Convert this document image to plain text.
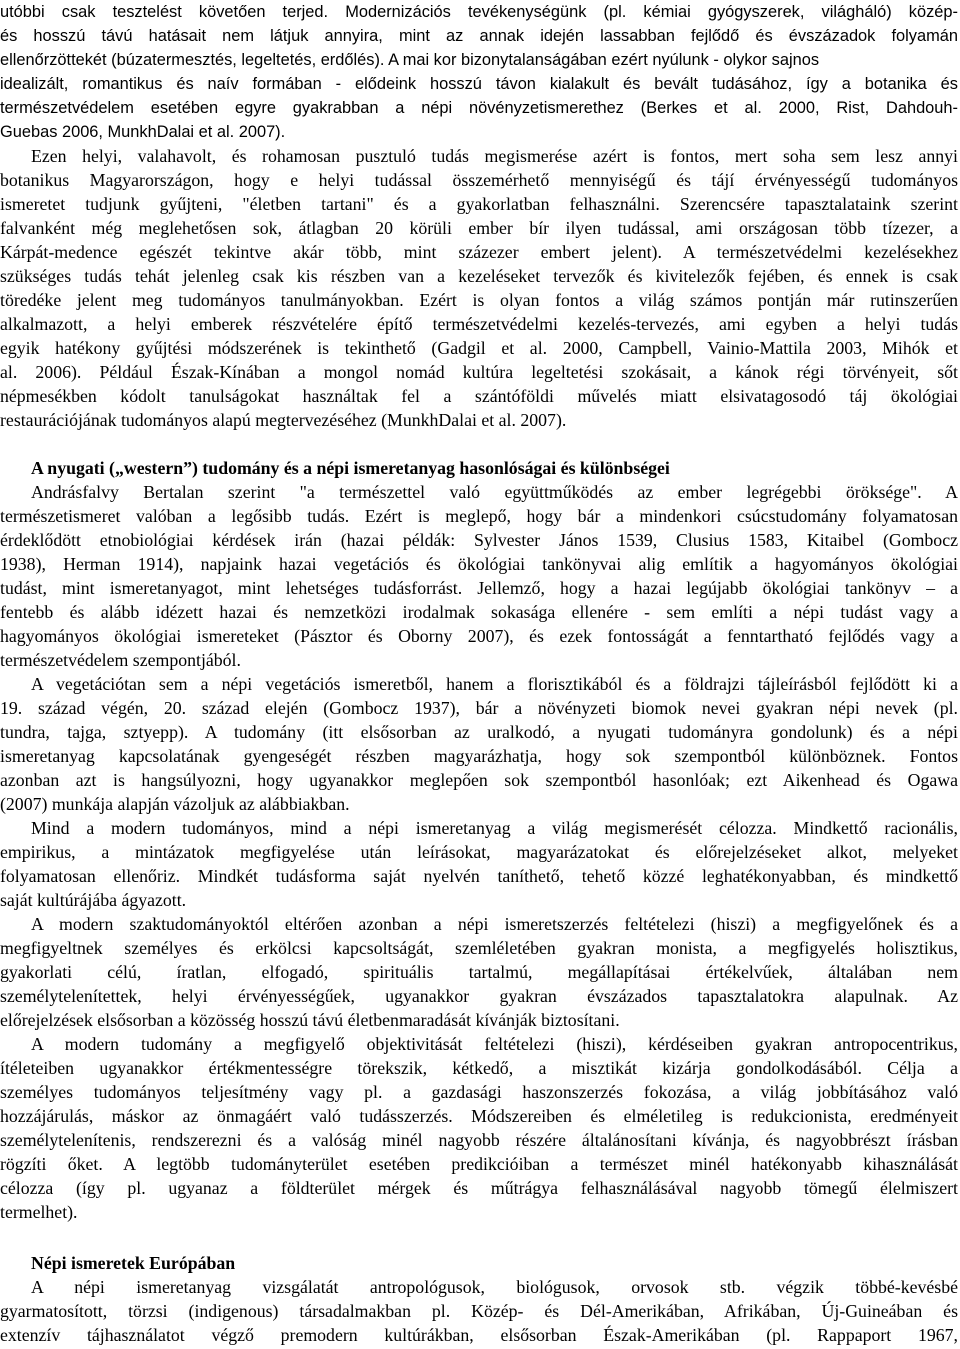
utóbbi csak tesztelést követően terjed. Modernizációs tevékenységünk (pl. kémiai gyógyszerek, világháló) közép-
és hosszú távú hatásait nem látjuk annyira, mint az annak idején lassabban fejlődő és évszázadok folyamán
ellenőrzöttekét (búzatermesztés, legeltetés, erdőlés). A mai kor bizonytalanságában ezért nyúlunk - olykor sajnos
idealizált, romantikus és naív formában - elődeink hosszú távon kialakult és bevált tudásához, így a botanika és
természetvédelem esetében egyre gyakrabban a népi növényzetismerethez (Berkes et al. 2000, Rist, Dahdouh-
Guebas 2006, MunkhDalai et al. 2007).
Ezen helyi, valahavolt, és rohamosan pusztuló tudás megismerése azért is fontos, mert soha sem lesz annyi
botanikus Magyarországon, hogy e helyi tudással összemérhető mennyiségű és tájí érvényességű tudományos
ismeretet tudjunk gyűjteni, "életben tartani" és a gyakorlatban felhasználni. Szerencsére tapasztalataink szerint
falvanként még meglehetősen sok, átlagban 20 körüli ember bír ilyen tudással, ami országosan több tízezer, a
Kárpát-medence egészét tekintve akár több, mint százezer embert jelent). A természetvédelmi kezelésekhez
szükséges tudás tehát jelenleg csak kis részben van a kezeléseket tervezők és kivitelezők fejében, és ennek is csak
töredéke jelent meg tudományos tanulmányokban. Ezért is olyan fontos a világ számos pontján már rutinszerűen
alkalmazott, a helyi emberek részvételére építő természetvédelmi kezelés-tervezés, ami egyben a helyi tudás
egyik hatékony gyűjtési módszerének is tekinthető (Gadgil et al. 2000, Campbell, Vainio-Mattila 2003, Mihók et
al. 2006). Például Észak-Kínában a mongol nomád kultúra legeltetési szokásait, a kánok régi törvényeit, sőt
népmesékben kódolt tanulságokat használtak fel a szántóföldi művelés miatt elsivatagosodó táj ökológiai
restaurációjának tudományos alapú megtervezéséhez (MunkhDalai et al. 2007).
A nyugati („western”) tudomány és a népi ismeretanyag hasonlóságai és különbségei
Andrásfalvy Bertalan szerint "a természettel való együttműködés az ember legrégebbi öröksége". A
természetismeret valóban a legősibb tudás. Ezért is meglepő, hogy bár a mindenkori csúcstudomány folyamatosan
érdeklődött etnobiológiai kérdések irán (hazai példák: Sylvester János 1539, Clusius 1583, Kitaibel (Gombocz
1938), Herman 1914), napjaink hazai vegetációs és ökológiai tankönyvai alig említik a hagyományos ökológiai
tudást, mint ismeretanyagot, mint lehetséges tudásforrást. Jellemző, hogy a hazai legújabb ökológiai tankönyv – a
fentebb és alább idézett hazai és nemzetközi irodalmak sokasága ellenére - sem említi a népi tudást vagy a
hagyományos ökológiai ismereteket (Pásztor és Oborny 2007), és ezek fontosságát a fenntartható fejlődés vagy a
természetvédelem szempontjából.
A vegetációtan sem a népi vegetációs ismeretből, hanem a florisztikából és a földrajzi tájleírásból fejlődött ki a
19. század végén, 20. század elején (Gombocz 1937), bár a növényzeti biomok nevei gyakran népi nevek (pl.
tundra, tajga, sztyepp). A tudomány (itt elsősorban az uralkodó, a nyugati tudományra gondolunk) és a népi
ismeretanyag kapcsolatának gyengeségét részben magyarázhatja, hogy sok szempontból különböznek. Fontos
azonban azt is hangsúlyozni, hogy ugyanakkor meglepően sok szempontból hasonlóak; ezt Aikenhead és Ogawa
(2007) munkája alapján vázoljuk az alábbiakban.
Mind a modern tudományos, mind a népi ismeretanyag a világ megismerését célozza. Mindkettő racionális,
empirikus, a mintázatok megfigyelése után leírásokat, magyarázatokat és előrejelzéseket alkot, melyeket
folyamatosan ellenőriz. Mindkét tudásforma saját nyelvén taníthető, tehető közzé leghatékonyabban, és mindkettő
saját kultúrájába ágyazott.
A modern szaktudományoktól eltérően azonban a népi ismeretszerzés feltételezi (hiszi) a megfigyelőnek és a
megfigyeltnek személyes és erkölcsi kapcsoltságát, szemléletében gyakran monista, a megfigyelés holisztikus,
gyakorlati célú, íratlan, elfogadó, spirituális tartalmú, megállapításai értékelvűek, általában nem
személytelenítettek, helyi érvényességűek, ugyanakkor gyakran évszázados tapasztalatokra alapulnak. Az
előrejelzések elsősorban a közösség hosszú távú életbenmaradását kívánják biztosítani.
A modern tudomány a megfigyelő objektivitását feltételezi (hiszi), kérdéseiben gyakran antropocentrikus,
ítéleteiben ugyanakkor értékmentességre törekszik, kétkedő, a misztikát kizárja gondolkodásából. Célja a
személyes tudományos teljesítmény vagy pl. a gazdasági haszonszerzés fokozása, a világ jobbításához való
hozzájárulás, máskor az önmagáért való tudásszerzés. Módszereiben és elméletileg is redukcionista, eredményeit
személytelenítenis, rendszerezni és a valóság minél nagyobb részére általánosítani kívánja, és nagyobbrészt írásban
rögzíti őket. A legtöbb tudományterület esetében predikcióiban a természet minél hatékonyabb kihasználását
célozza (így pl. ugyanaz a földterület mérgek és műtrágya felhasználásával nagyobb tömegű élelmiszert
termelhet).
Népi ismeretek Európában
A népi ismeretanyag vizsgálatát antropológusok, biológusok, orvosok stb. végzik többé-kevésbé
gyarmatosított, törzsi (indigenous) társadalmakban pl. Közép- és Dél-Amerikában, Afrikában, Új-Guineában és
extenzív tájhasználatot végző premodern kultúrákban, elsősorban Észak-Amerikában (pl. Rappaport 1967,
